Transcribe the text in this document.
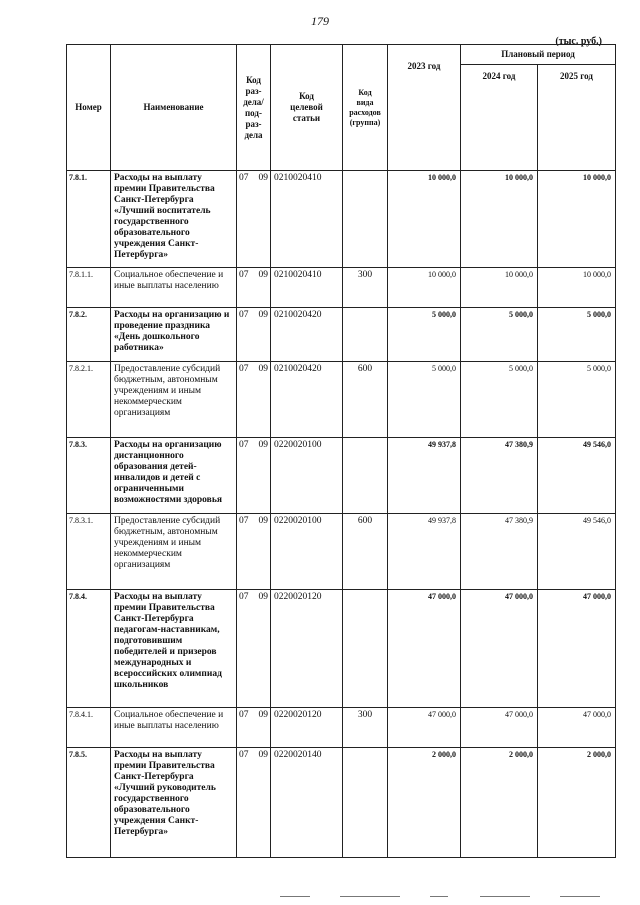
179
(тыс. руб.)
Номер	Наименование	Код раз-
дела/
под-
раз-
дела	Код
целевой
статьи	Код
вида
расходов
(группа)	2023 год	Плановый период	
						2024 год	2025 год
7.8.1.	Расходы на выплату премии Правительства Санкт-Петербурга «Лучший воспитатель государственного образовательного учреждения Санкт-Петербурга»	07 09	0210020410		10 000,0	10 000,0	10 000,0
7.8.1.1.	Социальное обеспечение и иные выплаты населению	07 09	0210020410	300	10 000,0	10 000,0	10 000,0
7.8.2.	Расходы на организацию и проведение праздника «День дошкольного работника»	07 09	0210020420		5 000,0	5 000,0	5 000,0
7.8.2.1.	Предоставление субсидий бюджетным, автономным учреждениям и иным некоммерческим организациям	07 09	0210020420	600	5 000,0	5 000,0	5 000,0
7.8.3.	Расходы на организацию дистанционного образования детей-инвалидов и детей с ограниченными возможностями здоровья	07 09	0220020100		49 937,8	47 380,9	49 546,0
7.8.3.1.	Предоставление субсидий бюджетным, автономным учреждениям и иным некоммерческим организациям	07 09	0220020100	600	49 937,8	47 380,9	49 546,0
7.8.4.	Расходы на выплату премии Правительства Санкт-Петербурга педагогам-наставникам, подготовившим победителей и призеров международных и всероссийских олимпиад школьников	07 09	0220020120		47 000,0	47 000,0	47 000,0
7.8.4.1.	Социальное обеспечение и иные выплаты населению	07 09	0220020120	300	47 000,0	47 000,0	47 000,0
7.8.5.	Расходы на выплату премии Правительства Санкт-Петербурга «Лучший руководитель государственного образовательного учреждения Санкт-Петербурга»	07 09	0220020140		2 000,0	2 000,0	2 000,0
